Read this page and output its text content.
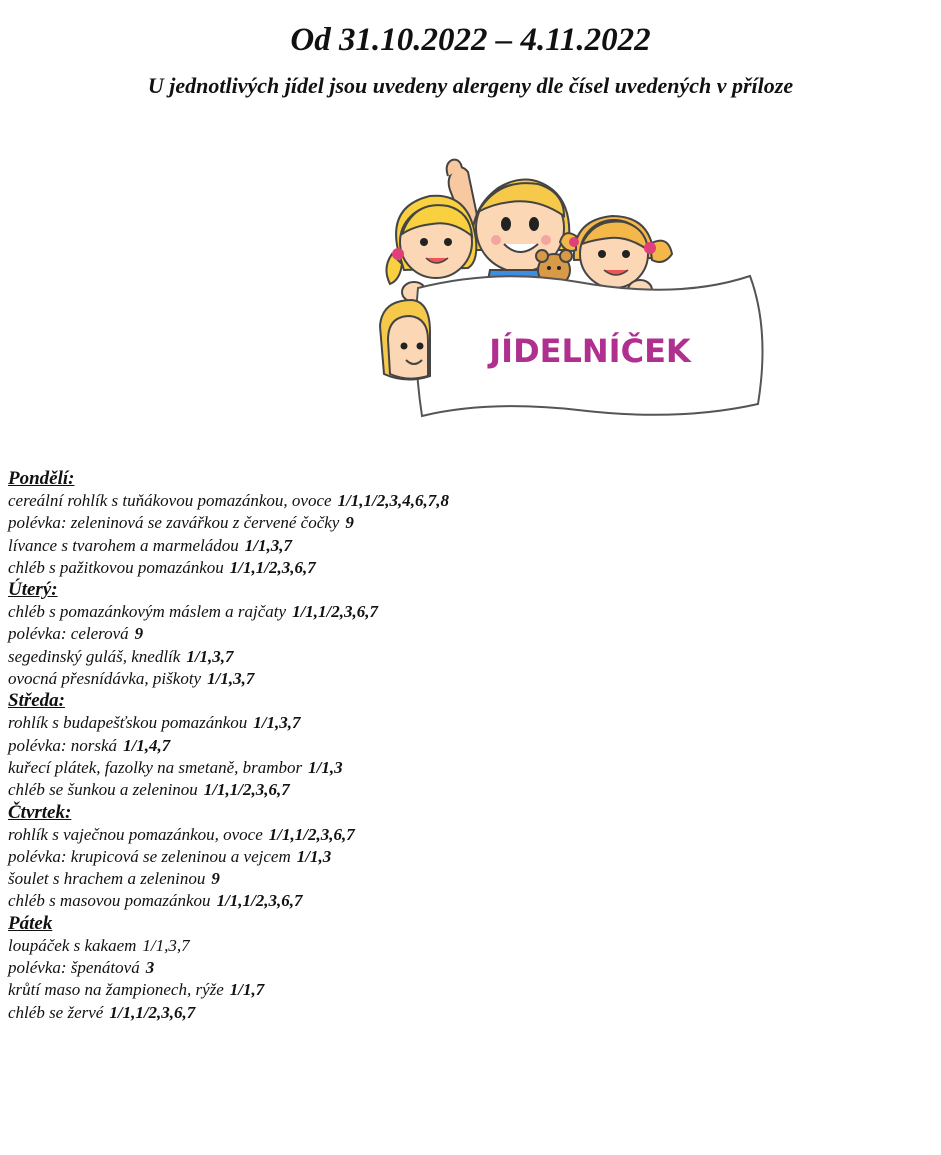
Od 31.10.2022 – 4.11.2022

U jednotlivých jídel jsou uvedeny alergeny dle čísel uvedených v příloze

JÍDELNÍČEK
Pondělí:
cereální rohlík s tuňákovou pomazánkou, ovoce 1/1,1/2,3,4,6,7,8
polévka: zeleninová se zavářkou z červené čočky 9
lívance s tvarohem a marmeládou 1/1,3,7
chléb s pažitkovou pomazánkou 1/1,1/2,3,6,7
Úterý:
chléb s pomazánkovým máslem a rajčaty 1/1,1/2,3,6,7
polévka: celerová 9
segedinský guláš, knedlík 1/1,3,7
ovocná přesnídávka, piškoty 1/1,3,7
Středa:
rohlík s budapešťskou pomazánkou 1/1,3,7
polévka: norská 1/1,4,7
kuřecí plátek, fazolky na smetaně, brambor 1/1,3
chléb se šunkou a zeleninou 1/1,1/2,3,6,7
Čtvrtek:
rohlík s vaječnou pomazánkou, ovoce 1/1,1/2,3,6,7
polévka: krupicová se zeleninou a vejcem 1/1,3
šoulet s hrachem a zeleninou 9
chléb s masovou pomazánkou 1/1,1/2,3,6,7
Pátek
loupáček s kakaem 1/1,3,7
polévka: špenátová 3
krůtí maso na žampionech, rýže 1/1,7
chléb se žervé 1/1,1/2,3,6,7
